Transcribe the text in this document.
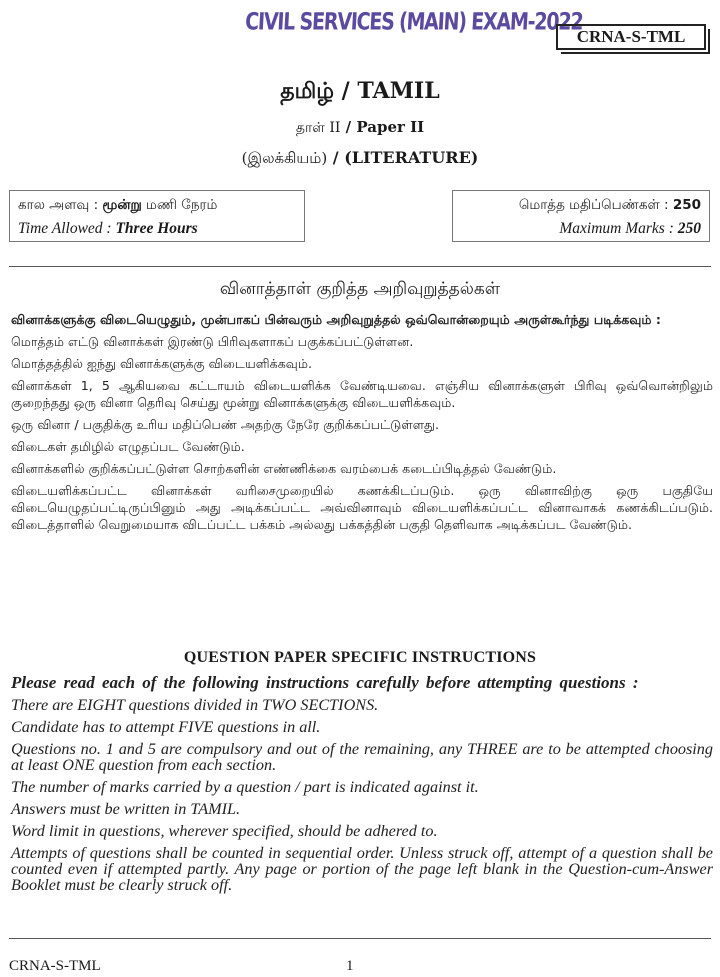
CIVIL SERVICES (MAIN) EXAM-2022
CRNA-S-TML
தமிழ் / TAMIL
தாள் II / Paper II
(இலக்கியம்) / (LITERATURE)
கால அளவு : மூன்று மணி நேரம்
Time Allowed : Three Hours
மொத்த மதிப்பெண்கள் : 250
Maximum Marks : 250
வினாத்தாள் குறித்த அறிவுறுத்தல்கள்

வினாக்களுக்கு விடையெழுதும், முன்பாகப் பின்வரும் அறிவுறுத்தல் ஒவ்வொன்றையும் அருள்கூர்ந்து படிக்கவும் :

மொத்தம் எட்டு வினாக்கள் இரண்டு பிரிவுகளாகப் பகுக்கப்பட்டுள்ளன.

மொத்தத்தில் ஐந்து வினாக்களுக்கு விடையளிக்கவும்.

வினாக்கள் 1, 5 ஆகியவை கட்டாயம் விடையளிக்க வேண்டியவை. எஞ்சிய வினாக்களுள் பிரிவு ஒவ்வொன்றிலும் குறைந்தது ஒரு வினா தெரிவு செய்து மூன்று வினாக்களுக்கு விடையளிக்கவும்.

ஒரு வினா / பகுதிக்கு உரிய மதிப்பெண் அதற்கு நேரே குறிக்கப்பட்டுள்ளது.

விடைகள் தமிழில் எழுதப்பட வேண்டும்.

வினாக்களில் குறிக்கப்பட்டுள்ள சொற்களின் எண்ணிக்கை வரம்பைக் கடைப்பிடித்தல் வேண்டும்.

விடையளிக்கப்பட்ட வினாக்கள் வரிசைமுறையில் கணக்கிடப்படும். ஒரு வினாவிற்கு ஒரு பகுதியே விடையெழுதப்பட்டிருப்பினும் அது அடிக்கப்பட்ட அவ்வினாவும் விடையளிக்கப்பட்ட வினாவாகக் கணக்கிடப்படும். விடைத்தாளில் வெறுமையாக விடப்பட்ட பக்கம் அல்லது பக்கத்தின் பகுதி தெளிவாக அடிக்கப்பட வேண்டும்.

QUESTION PAPER SPECIFIC INSTRUCTIONS

Please read each of the following instructions carefully before attempting questions :

There are EIGHT questions divided in TWO SECTIONS.

Candidate has to attempt FIVE questions in all.

Questions no. 1 and 5 are compulsory and out of the remaining, any THREE are to be attempted choosing at least ONE question from each section.

The number of marks carried by a question / part is indicated against it.

Answers must be written in TAMIL.

Word limit in questions, wherever specified, should be adhered to.

Attempts of questions shall be counted in sequential order. Unless struck off, attempt of a question shall be counted even if attempted partly. Any page or portion of the page left blank in the Question-cum-Answer Booklet must be clearly struck off.

CRNA-S-TML	1
